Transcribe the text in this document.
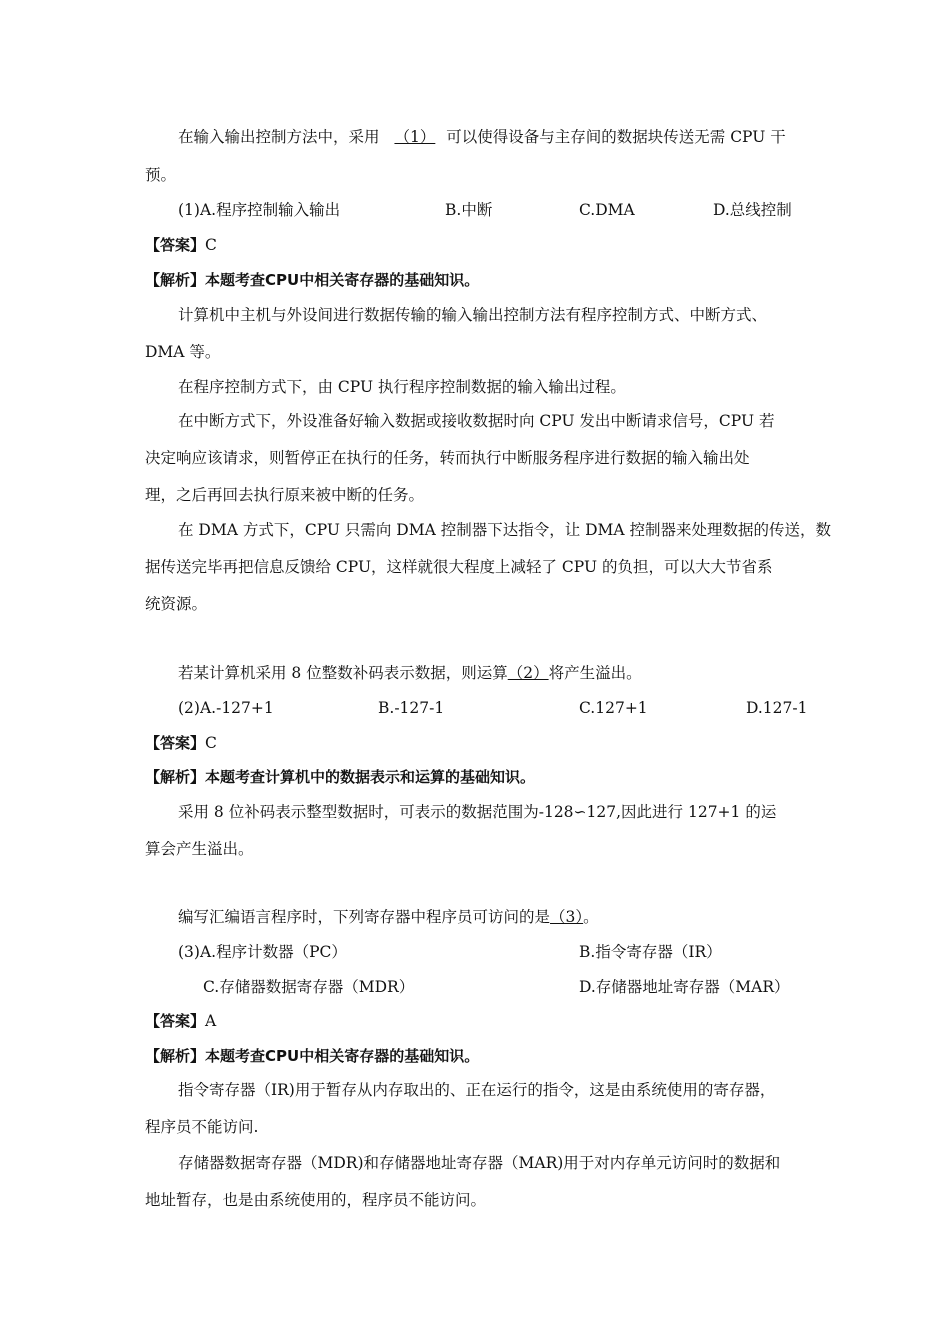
在输入输出控制方法中，采用 （1） 可以使得设备与主存间的数据块传送无需 CPU 干
预。
(1)A.程序控制输入输出	B.中断	C.DMA	D.总线控制
【答案】C
【解析】本题考查CPU中相关寄存器的基础知识。
计算机中主机与外设间进行数据传输的输入输出控制方法有程序控制方式、中断方式、
DMA 等。
在程序控制方式下，由 CPU 执行程序控制数据的输入输出过程。
在中断方式下，外设准备好输入数据或接收数据时向 CPU 发出中断请求信号，CPU 若
决定响应该请求，则暂停正在执行的任务，转而执行中断服务程序进行数据的输入输出处
理，之后再回去执行原来被中断的任务。
在 DMA 方式下，CPU 只需向 DMA 控制器下达指令，让 DMA 控制器来处理数据的传送，数
据传送完毕再把信息反馈给 CPU，这样就很大程度上减轻了 CPU 的负担，可以大大节省系
统资源。
若某计算机采用 8 位整数补码表示数据，则运算（2）将产生溢出。
(2)A.-127+1	B.-127-1	C.127+1	D.127-1
【答案】C
【解析】本题考查计算机中的数据表示和运算的基础知识。
采用 8 位补码表示整型数据时，可表示的数据范围为-128∽127,因此进行 127+1 的运
算会产生溢出。
编写汇编语言程序时，下列寄存器中程序员可访问的是（3）。
(3)A.程序计数器（PC）	B.指令寄存器（IR）
C.存储器数据寄存器（MDR）	D.存储器地址寄存器（MAR）
【答案】A
【解析】本题考查CPU中相关寄存器的基础知识。
指令寄存器（IR)用于暂存从内存取出的、正在运行的指令，这是由系统使用的寄存器，
程序员不能访问.
存储器数据寄存器（MDR)和存储器地址寄存器（MAR)用于对内存单元访问时的数据和
地址暂存，也是由系统使用的，程序员不能访问。
